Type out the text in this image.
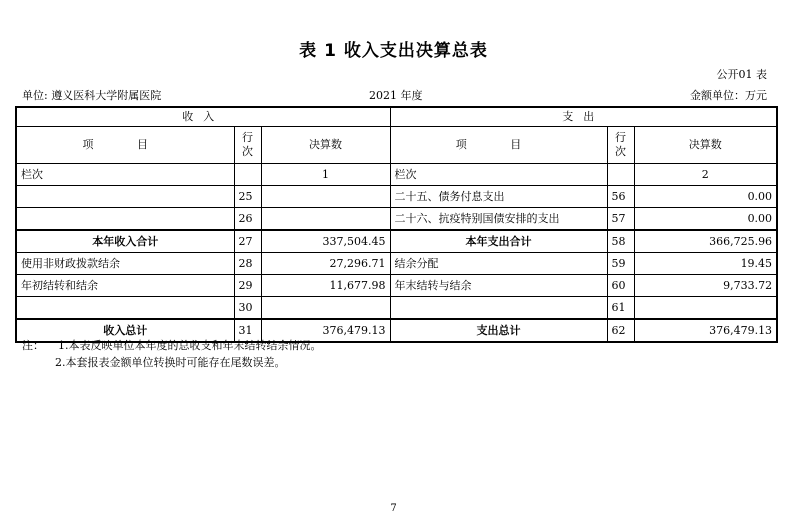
表 1 收入支出决算总表
公开01 表
单位: 遵义医科大学附属医院	2021 年度	金额单位：万元
收入			支出		
项 目	行次	决算数	项 目	行次	决算数
栏次		1	栏次		2
	25		二十五、债务付息支出	56	0.00
	26		二十六、抗疫特别国债安排的支出	57	0.00
本年收入合计	27	337,504.45	本年支出合计	58	366,725.96
使用非财政拨款结余	28	27,296.71	结余分配	59	19.45
年初结转和结余	29	11,677.98	年末结转与结余	60	9,733.72
	30			61	
收入总计	31	376,479.13	支出总计	62	376,479.13
注： 1.本表反映单位本年度的总收支和年末结转结余情况。
2.本套报表金额单位转换时可能存在尾数误差。
7
